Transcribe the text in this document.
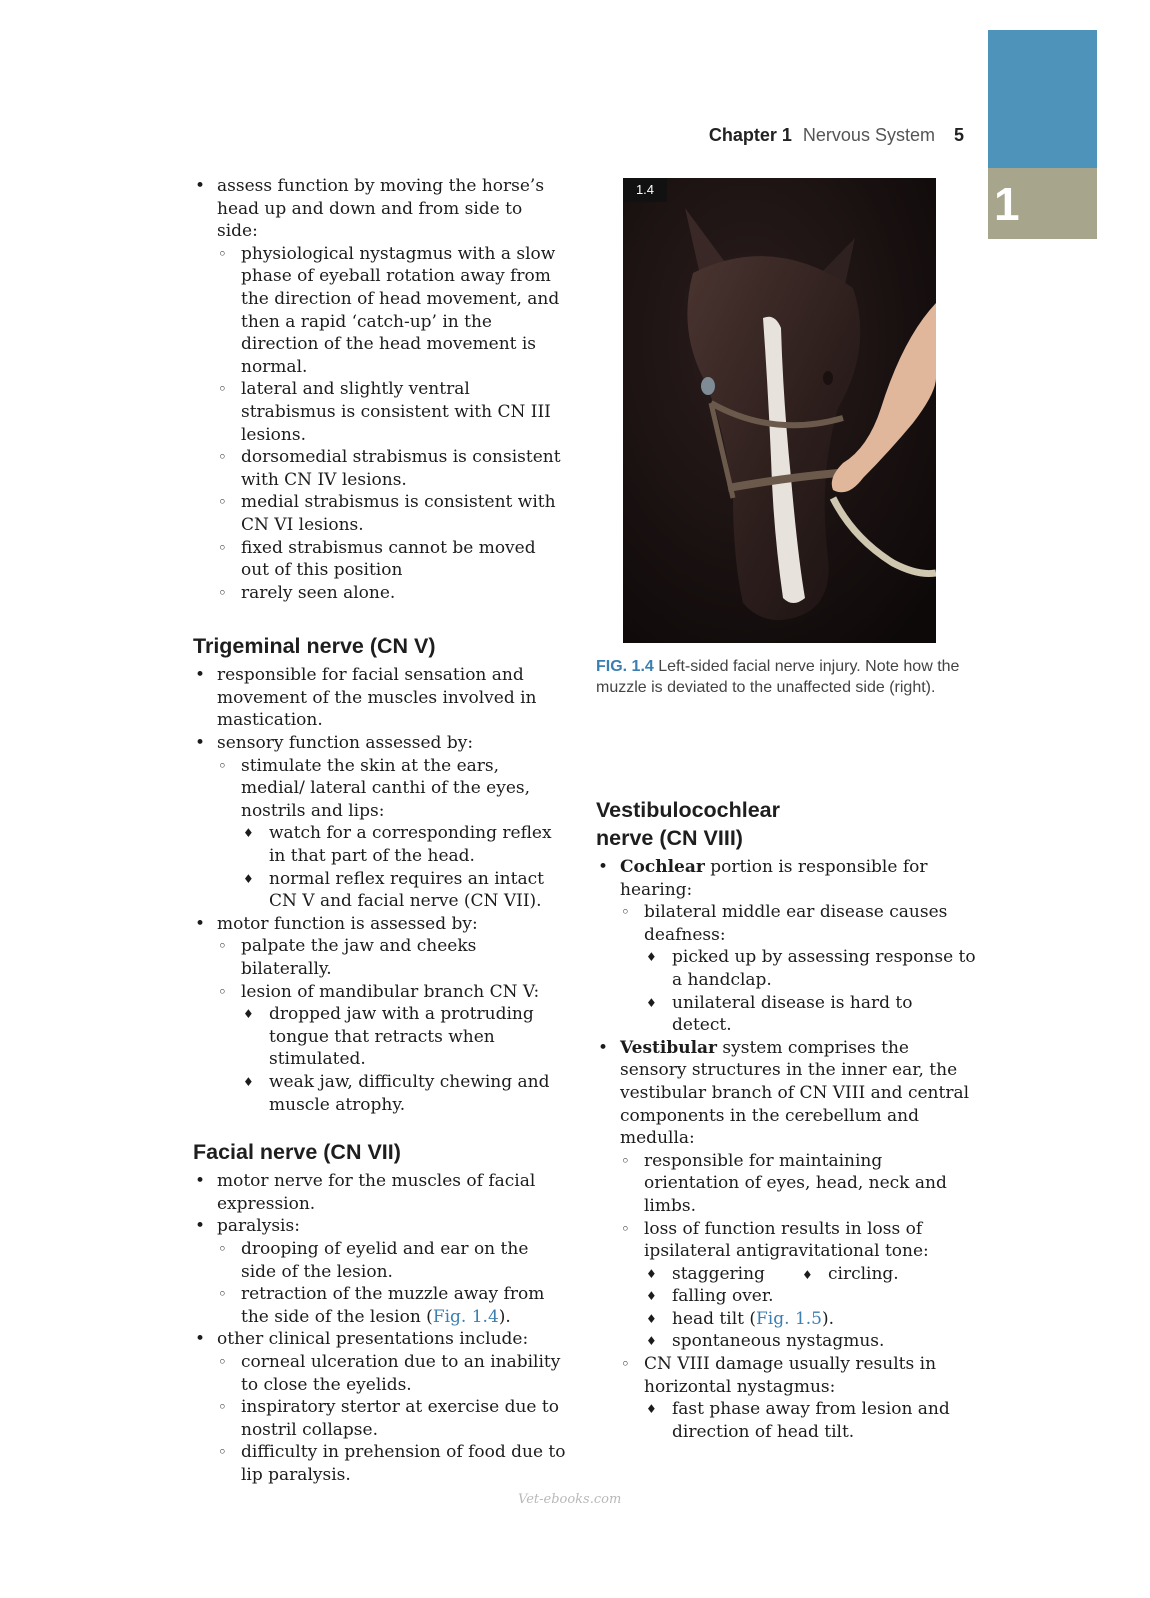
1
Chapter 1 Nervous System 5
• assess function by moving the horse’s head up and down and from side to side:
◦ physiological nystagmus with a slow phase of eyeball rotation away from the direction of head movement, and then a rapid ‘catch-up’ in the direction of the head movement is normal.
◦ lateral and slightly ventral strabismus is consistent with CN III lesions.
◦ dorsomedial strabismus is consistent with CN IV lesions.
◦ medial strabismus is consistent with CN VI lesions.
◦ fixed strabismus cannot be moved out of this position
◦ rarely seen alone.
Trigeminal nerve (CN V)
• responsible for facial sensation and movement of the muscles involved in mastication.
• sensory function assessed by:
◦ stimulate the skin at the ears, medial/ lateral canthi of the eyes, nostrils and lips:
♦ watch for a corresponding reflex in that part of the head.
♦ normal reflex requires an intact CN V and facial nerve (CN VII).
• motor function is assessed by:
◦ palpate the jaw and cheeks bilaterally.
◦ lesion of mandibular branch CN V:
♦ dropped jaw with a protruding tongue that retracts when stimulated.
♦ weak jaw, difficulty chewing and muscle atrophy.
Facial nerve (CN VII)
• motor nerve for the muscles of facial expression.
• paralysis:
◦ drooping of eyelid and ear on the side of the lesion.
◦ retraction of the muzzle away from the side of the lesion (Fig. 1.4).
• other clinical presentations include:
◦ corneal ulceration due to an inability to close the eyelids.
◦ inspiratory stertor at exercise due to nostril collapse.
◦ difficulty in prehension of food due to lip paralysis.
1.4
FIG. 1.4 Left-sided facial nerve injury. Note how the muzzle is deviated to the unaffected side (right).
Vestibulocochlear
nerve (CN VIII)
• Cochlear portion is responsible for hearing:
◦ bilateral middle ear disease causes deafness:
♦ picked up by assessing response to a handclap.
♦ unilateral disease is hard to detect.
• Vestibular system comprises the sensory structures in the inner ear, the vestibular branch of CN VIII and central components in the cerebellum and medulla:
◦ responsible for maintaining orientation of eyes, head, neck and limbs.
◦ loss of function results in loss of ipsilateral antigravitational tone:
♦ staggering♦	circling.
♦ falling over.
♦ head tilt (Fig. 1.5).
♦ spontaneous nystagmus.
◦ CN VIII damage usually results in horizontal nystagmus:
♦ fast phase away from lesion and direction of head tilt.
Vet-ebooks.com
